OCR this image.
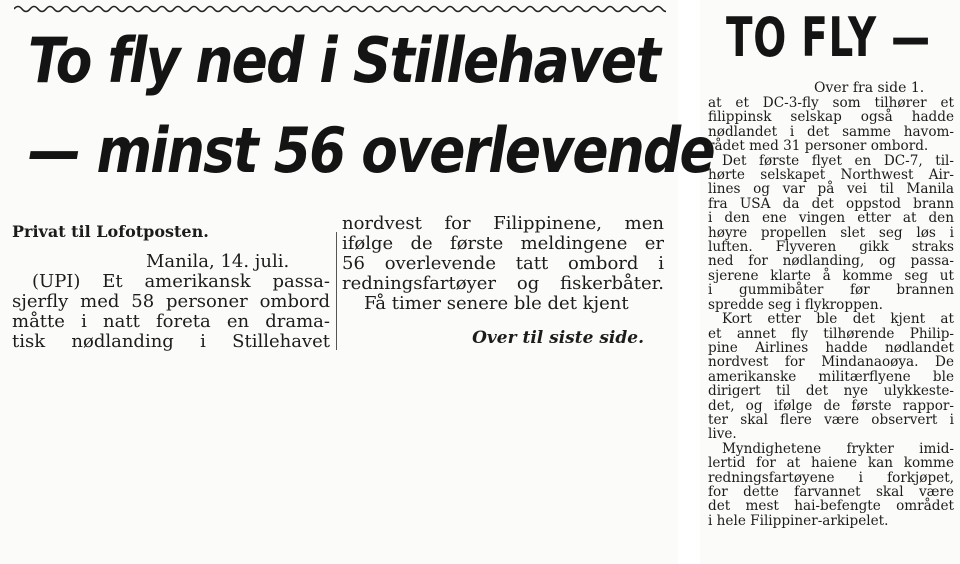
To fly ned i Stillehavet
— minst 56 overlevende
Privat til Lofotposten.

Manila, 14. juli.

(UPI) Et amerikansk passa-

sjerfly med 58 personer ombord

måtte i natt foreta en drama-

tisk nødlanding i Stillehavet

nordvest for Filippinene, men

ifølge de første meldingene er

56 overlevende tatt ombord i

redningsfartøyer og fiskerbåter.

Få timer senere ble det kjent

Over til siste side.

TO FLY —
Over fra side 1.

at et DC-3-fly som tilhører et

filippinsk selskap også hadde

nødlandet i det samme havom-

rådet med 31 personer ombord.

Det første flyet en DC-7, til-

hørte selskapet Northwest Air-

lines og var på vei til Manila

fra USA da det oppstod brann

i den ene vingen etter at den

høyre propellen slet seg løs i

luften. Flyveren gikk straks

ned for nødlanding, og passa-

sjerene klarte å komme seg ut

i gummibåter før brannen

spredde seg i flykroppen.

Kort etter ble det kjent at

et annet fly tilhørende Philip-

pine Airlines hadde nødlandet

nordvest for Mindanaoøya. De

amerikanske militærflyene ble

dirigert til det nye ulykkeste-

det, og ifølge de første rappor-

ter skal flere være observert i

live.

Myndighetene frykter imid-

lertid for at haiene kan komme

redningsfartøyene i forkjøpet,

for dette farvannet skal være

det mest hai-befengte området

i hele Filippiner-arkipelet.
